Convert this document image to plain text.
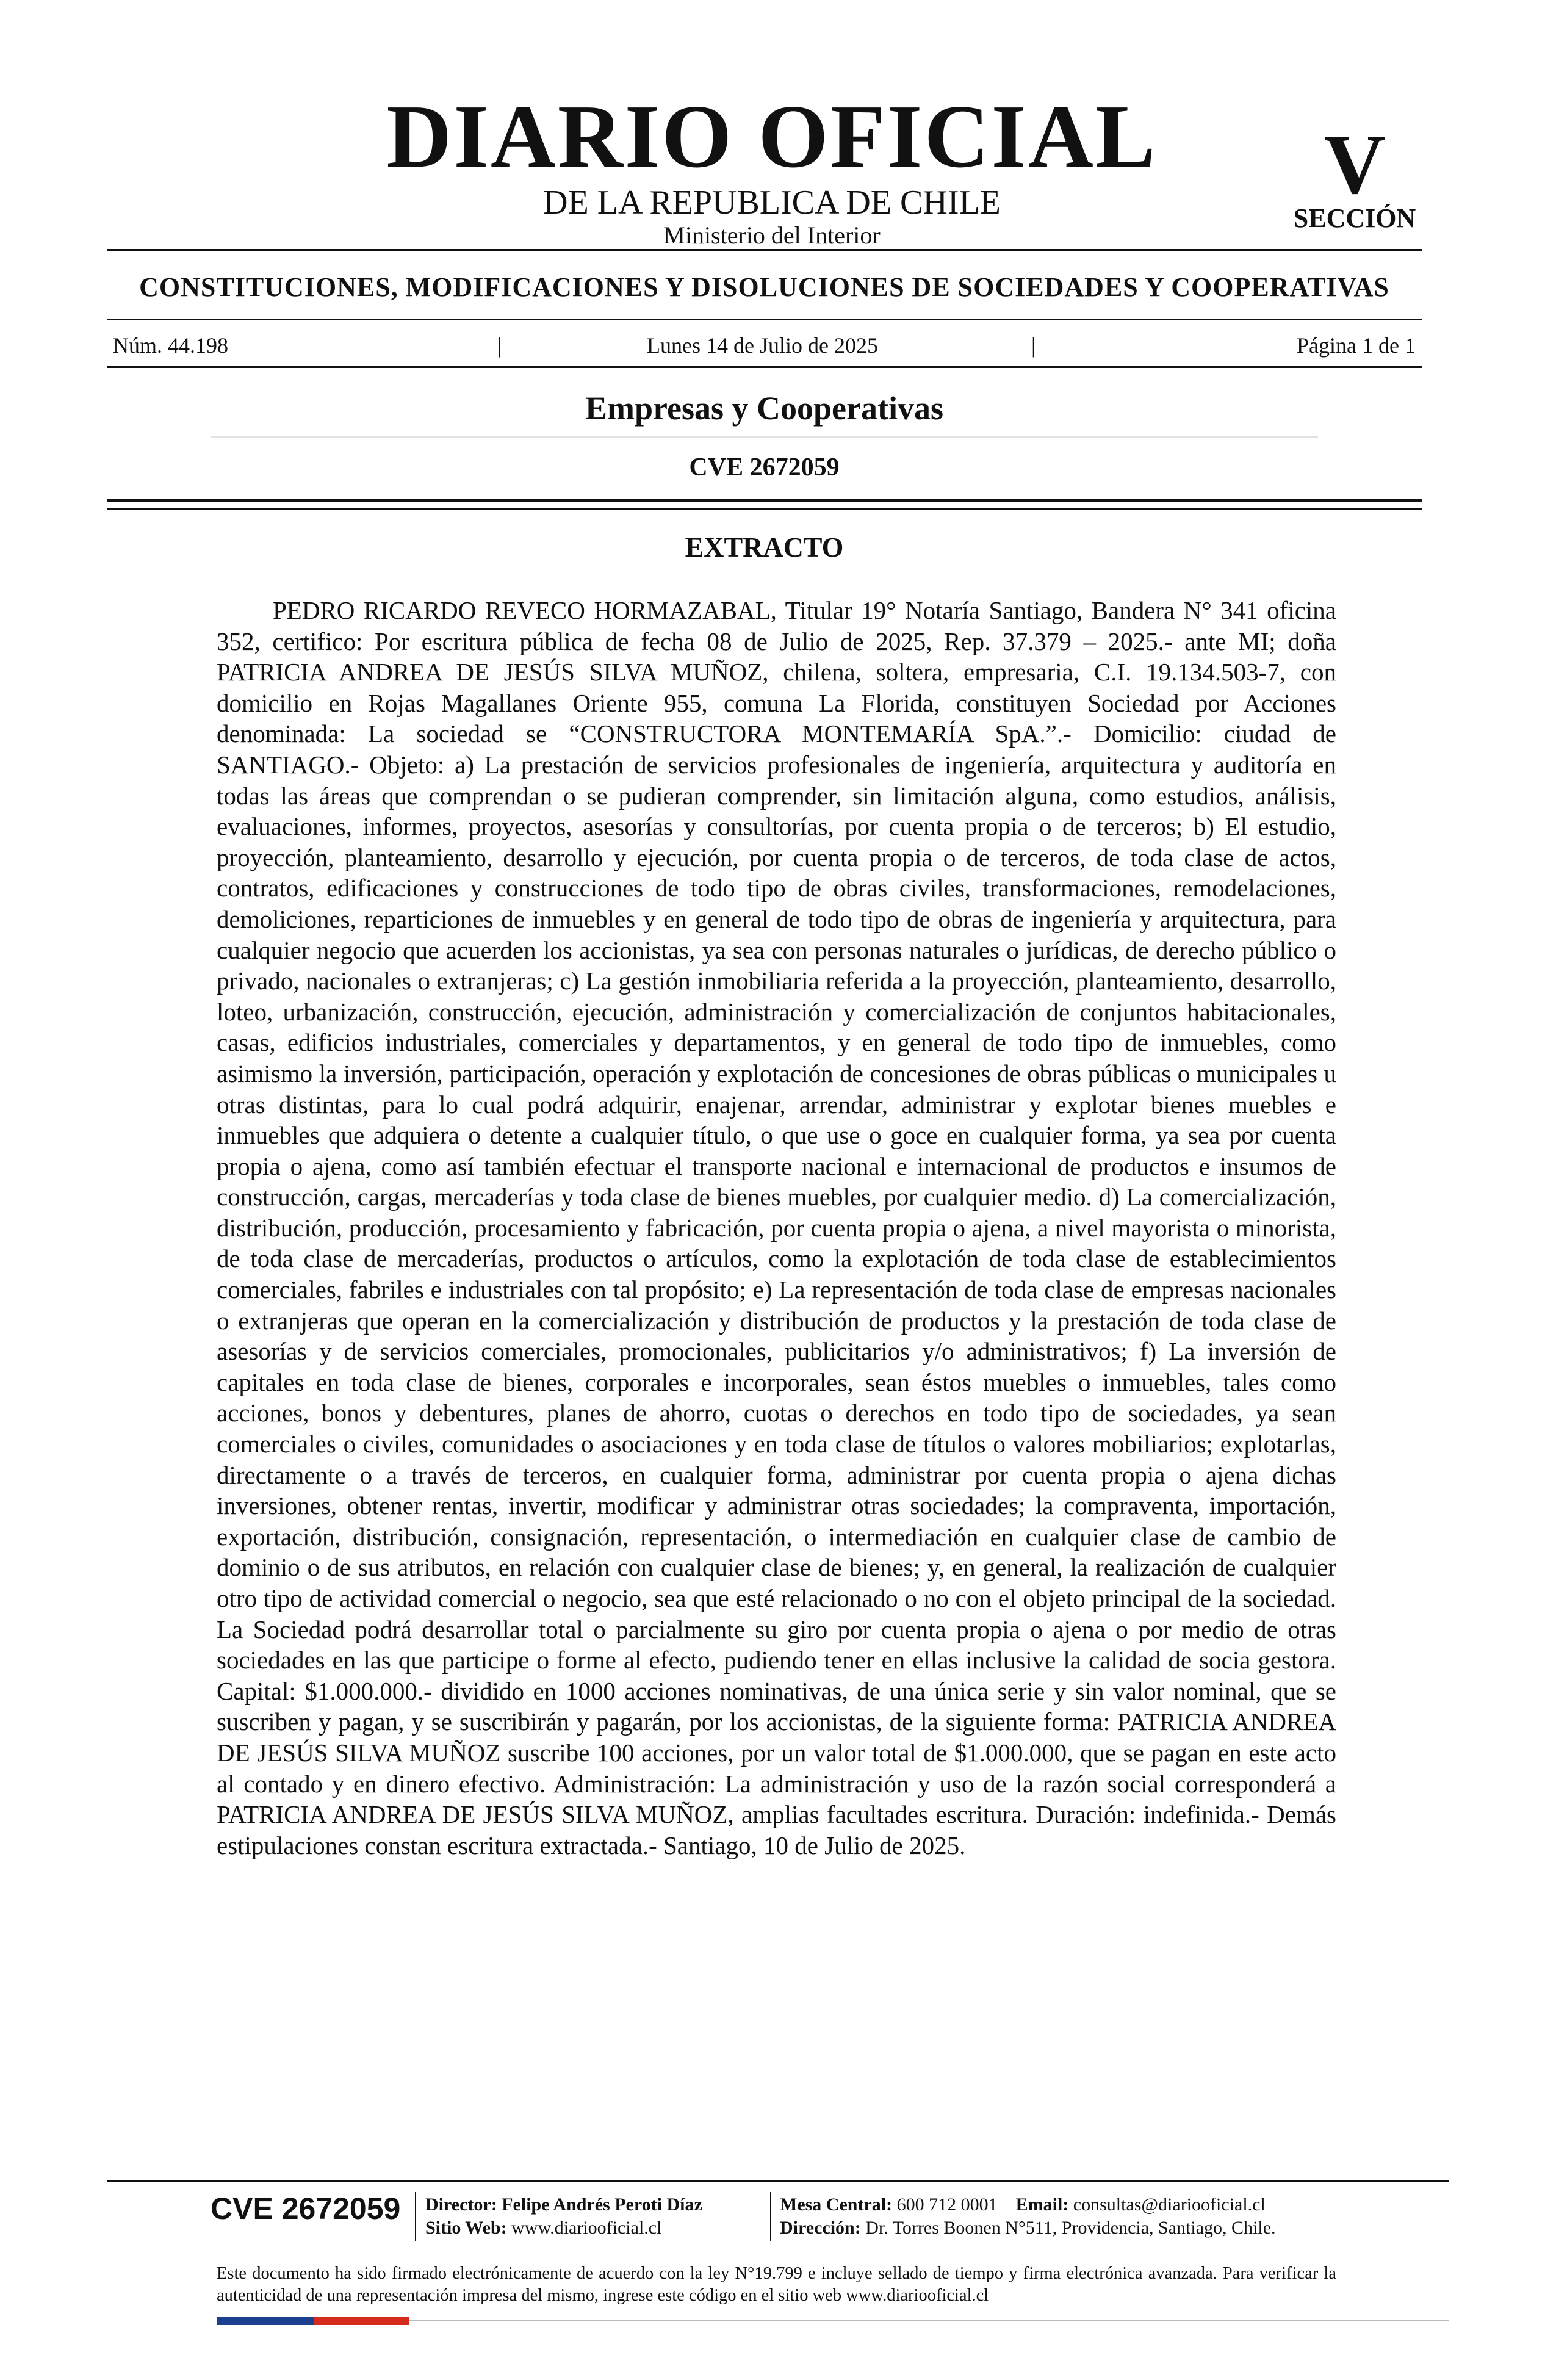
DIARIO OFICIAL
DE LA REPUBLICA DE CHILE
Ministerio del Interior
V
SECCIÓN
CONSTITUCIONES, MODIFICACIONES Y DISOLUCIONES DE SOCIEDADES Y COOPERATIVAS
Núm. 44.198	|	Lunes 14 de Julio de 2025	|	Página 1 de 1
Empresas y Cooperativas
CVE 2672059
EXTRACTO

PEDRO RICARDO REVECO HORMAZABAL, Titular 19° Notaría Santiago, Bandera N° 341 oficina 352, certifico: Por escritura pública de fecha 08 de Julio de 2025, Rep. 37.379 – 2025.- ante MI; doña PATRICIA ANDREA DE JESÚS SILVA MUÑOZ, chilena, soltera, empresaria, C.I. 19.134.503-7, con domicilio en Rojas Magallanes Oriente 955, comuna La Florida, constituyen Sociedad por Acciones denominada: La sociedad se “CONSTRUCTORA MONTEMARÍA SpA.”.- Domicilio: ciudad de SANTIAGO.- Objeto: a) La prestación de servicios profesionales de ingeniería, arquitectura y auditoría en todas las áreas que comprendan o se pudieran comprender, sin limitación alguna, como estudios, análisis, evaluaciones, informes, proyectos, asesorías y consultorías, por cuenta propia o de terceros; b) El estudio, proyección, planteamiento, desarrollo y ejecución, por cuenta propia o de terceros, de toda clase de actos, contratos, edificaciones y construcciones de todo tipo de obras civiles, transformaciones, remodelaciones, demoliciones, reparticiones de inmuebles y en general de todo tipo de obras de ingeniería y arquitectura, para cualquier negocio que acuerden los accionistas, ya sea con personas naturales o jurídicas, de derecho público o privado, nacionales o extranjeras; c) La gestión inmobiliaria referida a la proyección, planteamiento, desarrollo, loteo, urbanización, construcción, ejecución, administración y comercialización de conjuntos habitacionales, casas, edificios industriales, comerciales y departamentos, y en general de todo tipo de inmuebles, como asimismo la inversión, participación, operación y explotación de concesiones de obras públicas o municipales u otras distintas, para lo cual podrá adquirir, enajenar, arrendar, administrar y explotar bienes muebles e inmuebles que adquiera o detente a cualquier título, o que use o goce en cualquier forma, ya sea por cuenta propia o ajena, como así también efectuar el transporte nacional e internacional de productos e insumos de construcción, cargas, mercaderías y toda clase de bienes muebles, por cualquier medio. d) La comercialización, distribución, producción, procesamiento y fabricación, por cuenta propia o ajena, a nivel mayorista o minorista, de toda clase de mercaderías, productos o artículos, como la explotación de toda clase de establecimientos comerciales, fabriles e industriales con tal propósito; e) La representación de toda clase de empresas nacionales o extranjeras que operan en la comercialización y distribución de productos y la prestación de toda clase de asesorías y de servicios comerciales, promocionales, publicitarios y/o administrativos; f) La inversión de capitales en toda clase de bienes, corporales e incorporales, sean éstos muebles o inmuebles, tales como acciones, bonos y debentures, planes de ahorro, cuotas o derechos en todo tipo de sociedades, ya sean comerciales o civiles, comunidades o asociaciones y en toda clase de títulos o valores mobiliarios; explotarlas, directamente o a través de terceros, en cualquier forma, administrar por cuenta propia o ajena dichas inversiones, obtener rentas, invertir, modificar y administrar otras sociedades; la compraventa, importación, exportación, distribución, consignación, representación, o intermediación en cualquier clase de cambio de dominio o de sus atributos, en relación con cualquier clase de bienes; y, en general, la realización de cualquier otro tipo de actividad comercial o negocio, sea que esté relacionado o no con el objeto principal de la sociedad. La Sociedad podrá desarrollar total o parcialmente su giro por cuenta propia o ajena o por medio de otras sociedades en las que participe o forme al efecto, pudiendo tener en ellas inclusive la calidad de socia gestora. Capital: $1.000.000.- dividido en 1000 acciones nominativas, de una única serie y sin valor nominal, que se suscriben y pagan, y se suscribirán y pagarán, por los accionistas, de la siguiente forma: PATRICIA ANDREA DE JESÚS SILVA MUÑOZ suscribe 100 acciones, por un valor total de $1.000.000, que se pagan en este acto al contado y en dinero efectivo. Administración: La administración y uso de la razón social corresponderá a PATRICIA ANDREA DE JESÚS SILVA MUÑOZ, amplias facultades escritura. Duración: indefinida.- Demás estipulaciones constan escritura extractada.- Santiago, 10 de Julio de 2025.

CVE 2672059 Director: Felipe Andrés Peroti Díaz
Sitio Web: www.diariooficial.cl
Mesa Central: 600 712 0001 Email: consultas@diariooficial.cl
Dirección: Dr. Torres Boonen N°511, Providencia, Santiago, Chile.

Este documento ha sido firmado electrónicamente de acuerdo con la ley N°19.799 e incluye sellado de tiempo y firma electrónica avanzada. Para verificar la autenticidad de una representación impresa del mismo, ingrese este código en el sitio web www.diariooficial.cl
